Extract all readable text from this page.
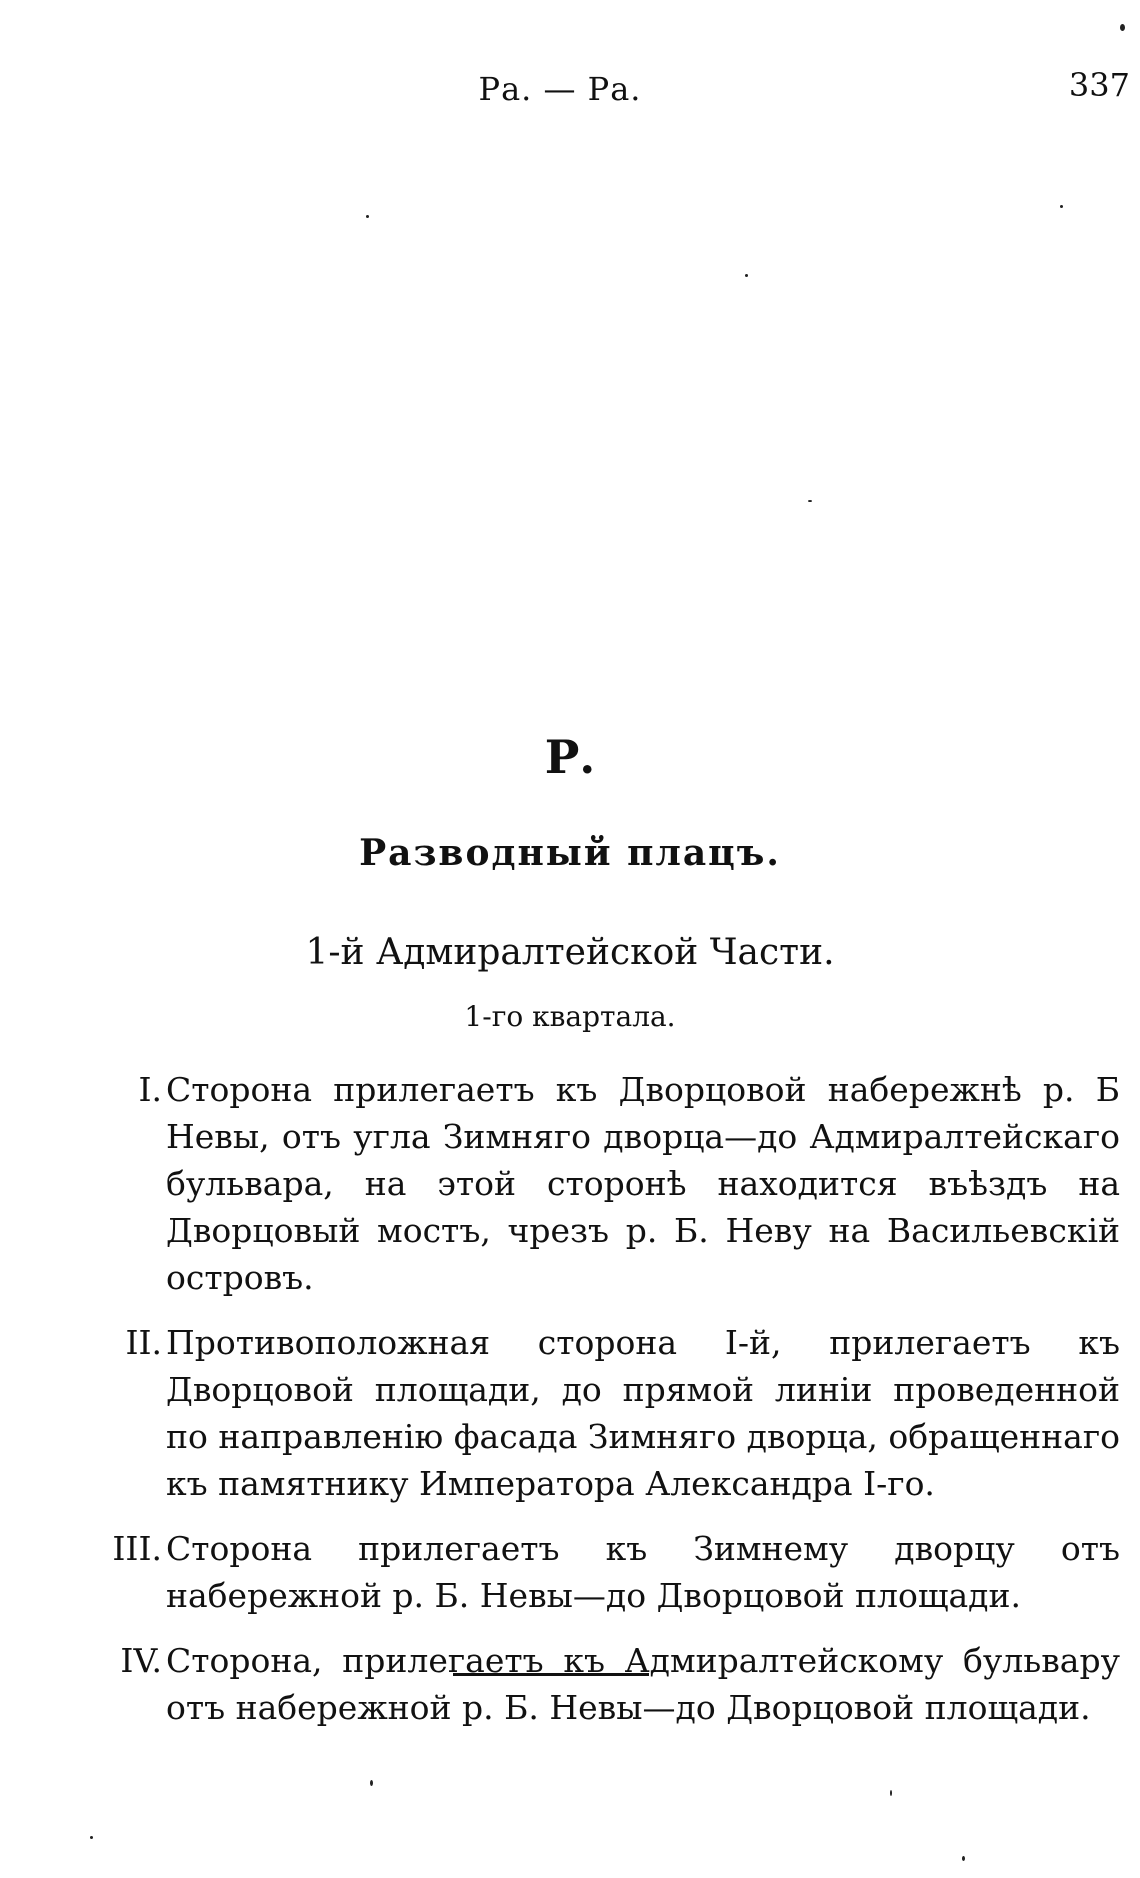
Ра. — Ра.	337
Р.
Разводный плацъ.
1-й Адмиралтейской Части.
1-го квартала.
I. Сторона прилегаетъ къ Дворцовой набережнѣ р. Б Невы, отъ угла Зимняго дворца—до Адмиралтейскаго бульвара, на этой сторонѣ находится въѣздъ на Дворцовый мостъ, чрезъ р. Б. Неву на Васильевскій островъ.
II. Противоположная сторона I-й, прилегаетъ къ Дворцовой площади, до прямой линіи проведенной по направленію фасада Зимняго дворца, обращеннаго къ памятнику Императора Александра I-го.
III. Сторона прилегаетъ къ Зимнему дворцу отъ набережной р. Б. Невы—до Дворцовой площади.
IV. Сторона, прилегаетъ къ Адмиралтейскому бульвару отъ набережной р. Б. Невы—до Дворцовой площади.
